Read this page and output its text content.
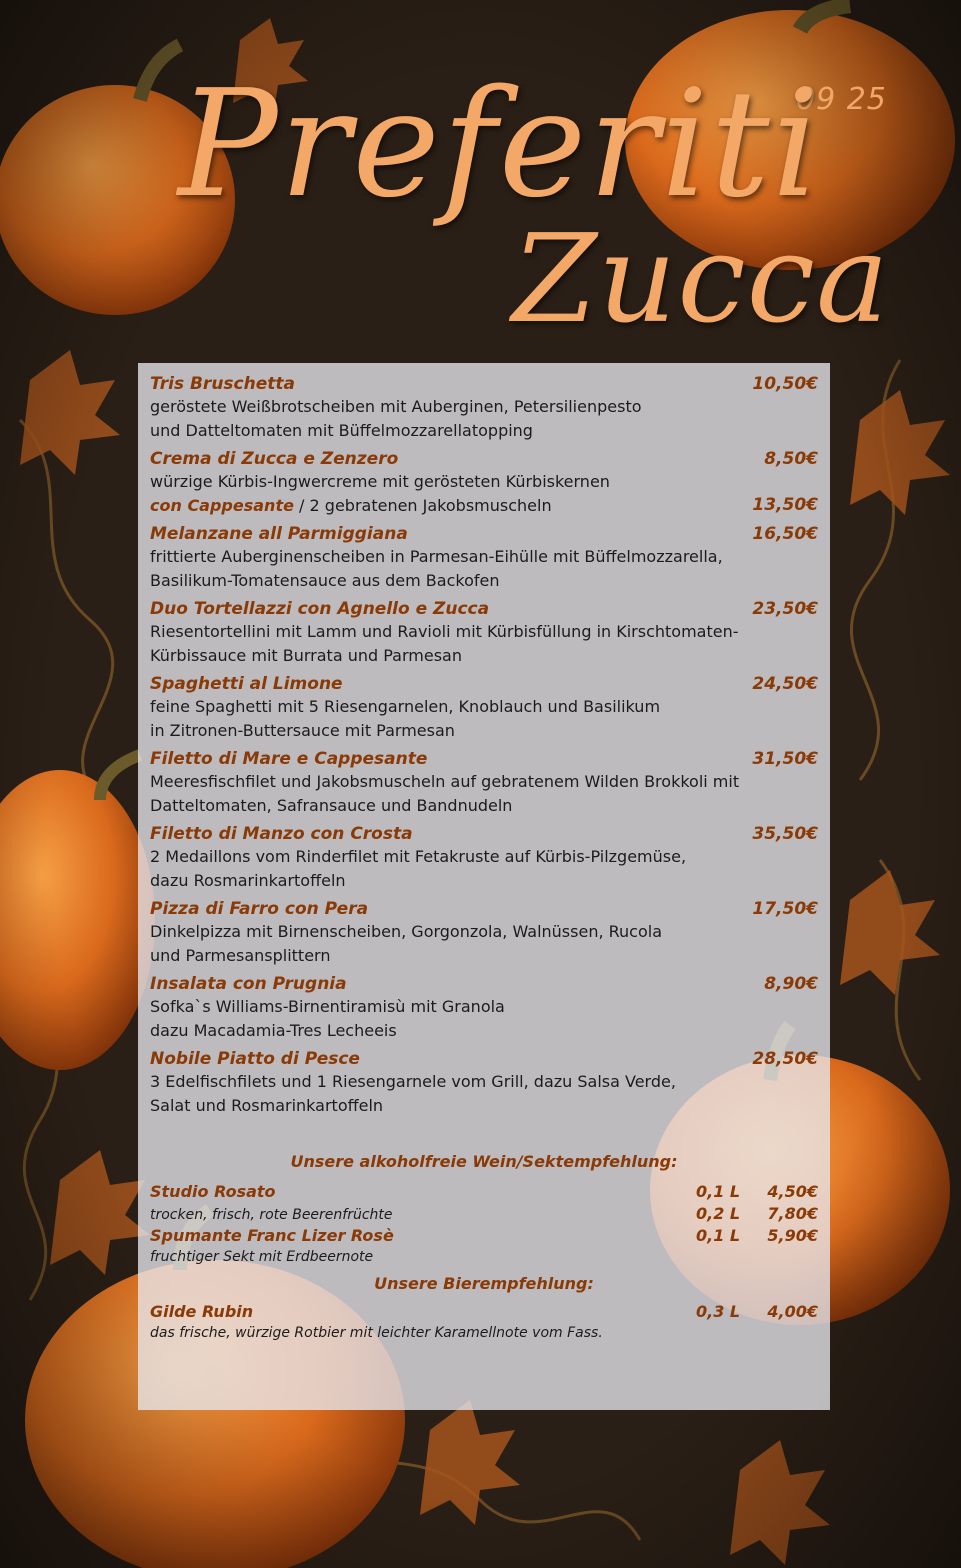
09 25
Preferiti
Zucca
Tris Bruschetta	10,50€
geröstete Weißbrotscheiben mit Auberginen, Petersilienpesto
und Datteltomaten mit Büffelmozzarellatopping
Crema di Zucca e Zenzero	8,50€
würzige Kürbis-Ingwercreme mit gerösteten Kürbiskernen
con Cappesante / 2 gebratenen Jakobsmuscheln	13,50€
Melanzane all Parmiggiana	16,50€
frittierte Auberginenscheiben in Parmesan-Eihülle mit Büffelmozzarella,
Basilikum-Tomatensauce aus dem Backofen
Duo Tortellazzi con Agnello e Zucca	23,50€
Riesentortellini mit Lamm und Ravioli mit Kürbisfüllung in Kirschtomaten-
Kürbissauce mit Burrata und Parmesan
Spaghetti al Limone	24,50€
feine Spaghetti mit 5 Riesengarnelen, Knoblauch und Basilikum
in Zitronen-Buttersauce mit Parmesan
Filetto di Mare e Cappesante	31,50€
Meeresfischfilet und Jakobsmuscheln auf gebratenem Wilden Brokkoli mit
Datteltomaten, Safransauce und Bandnudeln
Filetto di Manzo con Crosta	35,50€
2 Medaillons vom Rinderfilet mit Fetakruste auf Kürbis-Pilzgemüse,
dazu Rosmarinkartoffeln
Pizza di Farro con Pera	17,50€
Dinkelpizza mit Birnenscheiben, Gorgonzola, Walnüssen, Rucola
und Parmesansplittern
Insalata con Prugnia	8,90€
Sofka`s Williams-Birnentiramisù mit Granola
dazu Macadamia-Tres Lecheeis
Nobile Piatto di Pesce	28,50€
3 Edelfischfilets und 1 Riesengarnele vom Grill, dazu Salsa Verde,
Salat und Rosmarinkartoffeln
Unsere alkoholfreie Wein/Sektempfehlung:
Studio Rosato	0,1 L	4,50€
trocken, frisch, rote Beerenfrüchte	0,2 L	7,80€
Spumante Franc Lizer Rosè	0,1 L	5,90€
fruchtiger Sekt mit Erdbeernote
Unsere Bierempfehlung:
Gilde Rubin	0,3 L	4,00€
das frische, würzige Rotbier mit leichter Karamellnote vom Fass.
